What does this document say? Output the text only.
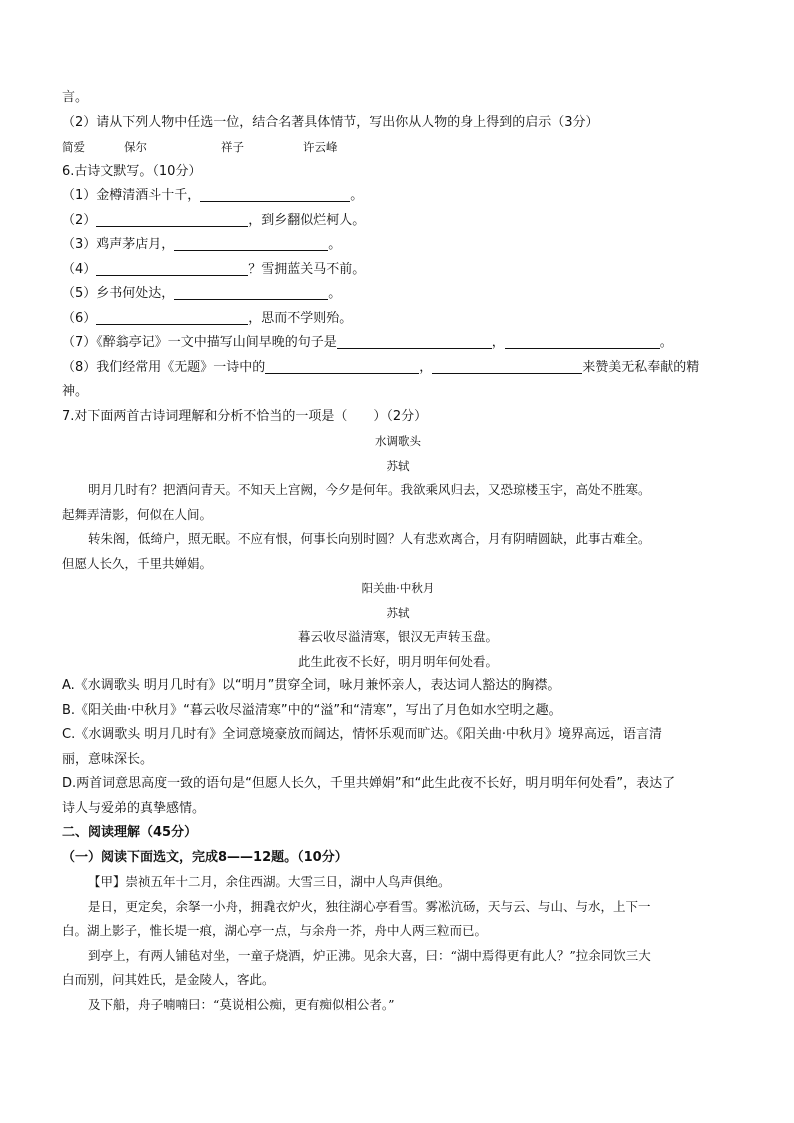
言。
（2）请从下列人物中任选一位，结合名著具体情节，写出你从人物的身上得到的启示（3分）
简爱	保尔	祥子	许云峰
6.古诗文默写。（10分）
（1）金樽清酒斗十千，	。
（2）	，到乡翻似烂柯人。
（3）鸡声茅店月，	。
（4）	？雪拥蓝关马不前。
（5）乡书何处达，	。
（6）	，思而不学则殆。
（7）《醉翁亭记》一文中描写山间早晚的句子是	，	。
（8）我们经常用《无题》一诗中的	，	来赞美无私奉献的精
神。
7.对下面两首古诗词理解和分析不恰当的一项是（　　）（2分）
水调歌头
苏轼
明月几时有？把酒问青天。不知天上宫阙，今夕是何年。我欲乘风归去，又恐琼楼玉宇，高处不胜寒。
起舞弄清影，何似在人间。
转朱阁，低绮户，照无眠。不应有恨，何事长向别时圆？人有悲欢离合，月有阴晴圆缺，此事古难全。
但愿人长久，千里共婵娟。
阳关曲·中秋月
苏轼
暮云收尽溢清寒，银汉无声转玉盘。
此生此夜不长好，明月明年何处看。
A.《水调歌头 明月几时有》以“明月”贯穿全词，咏月兼怀亲人，表达词人豁达的胸襟。
B.《阳关曲·中秋月》“暮云收尽溢清寒”中的“溢”和“清寒”，写出了月色如水空明之趣。
C.《水调歌头 明月几时有》全词意境豪放而阔达，情怀乐观而旷达。《阳关曲·中秋月》境界高远，语言清
丽，意味深长。
D.两首词意思高度一致的语句是“但愿人长久，千里共婵娟”和“此生此夜不长好，明月明年何处看”，表达了
诗人与爱弟的真挚感情。
二、阅读理解（45分）
（一）阅读下面选文，完成8——12题。（10分）
【甲】崇祯五年十二月，余住西湖。大雪三日，湖中人鸟声俱绝。
是日，更定矣，余拏一小舟，拥毳衣炉火，独往湖心亭看雪。雾凇沆砀，天与云、与山、与水，上下一
白。湖上影子，惟长堤一痕，湖心亭一点，与余舟一芥，舟中人两三粒而已。
到亭上，有两人铺毡对坐，一童子烧酒，炉正沸。见余大喜，曰：“湖中焉得更有此人？”拉余同饮三大
白而别，问其姓氏，是金陵人，客此。
及下船，舟子喃喃曰：“莫说相公痴，更有痴似相公者。”
